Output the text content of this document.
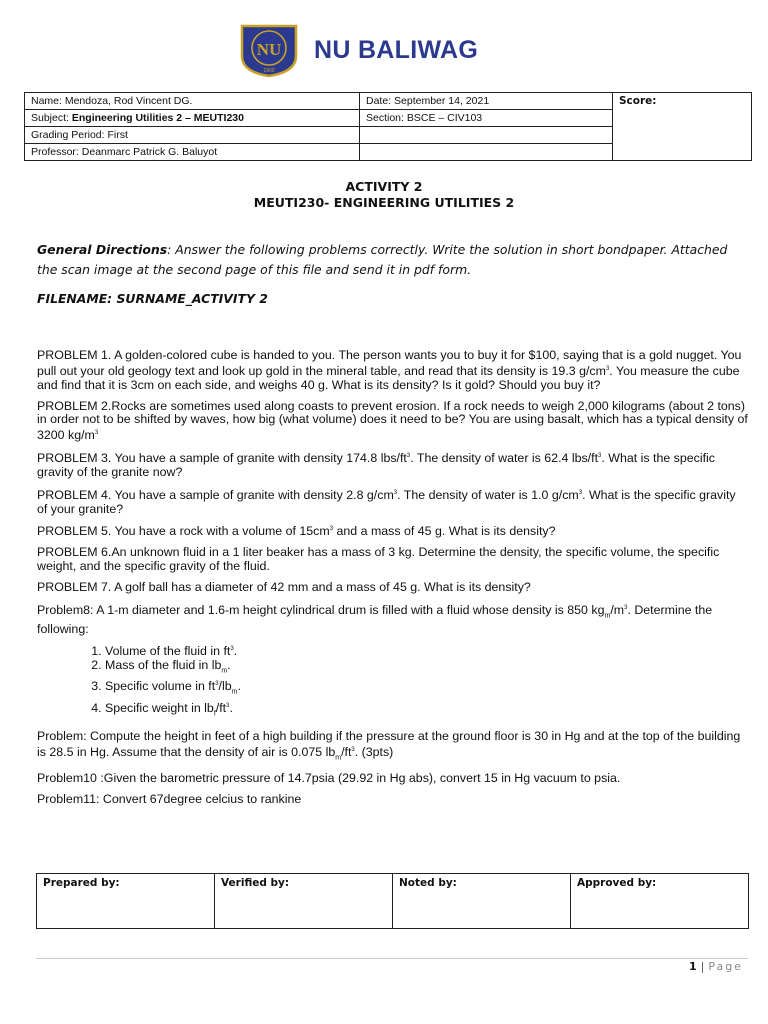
NU
1900
NU BALIWAG
Name: Mendoza, Rod Vincent DG.	Date: September 14, 2021	Score:
Subject: Engineering Utilities 2 – MEUTI230	Section: BSCE – CIV103	
Grading Period: First		
Professor: Deanmarc Patrick G. Baluyot		
ACTIVITY 2
MEUTI230- ENGINEERING UTILITIES 2
General Directions: Answer the following problems correctly. Write the solution in short bondpaper. Attached the scan image at the second page of this file and send it in pdf form.
FILENAME: SURNAME_ACTIVITY 2

PROBLEM 1. A golden-colored cube is handed to you. The person wants you to buy it for $100, saying that is a gold nugget. You pull out your old geology text and look up gold in the mineral table, and read that its density is 19.3 $g/cm^3$. You measure the cube and find that it is 3cm on each side, and weighs 40 g. What is its density? Is it gold? Should you buy it?

PROBLEM 2.Rocks are sometimes used along coasts to prevent erosion. If a rock needs to weigh 2,000 kilograms (about 2 tons) in order not to be shifted by waves, how big (what volume) does it need to be? You are using basalt, which has a typical density of 3200 $kg/m^3$

PROBLEM 3. You have a sample of granite with density 174.8 lbs/$ft^3$. The density of water is 62.4 lbs/$ft^3$. What is the specific gravity of the granite now?

PROBLEM 4. You have a sample of granite with density 2.8 $g/cm^3$. The density of water is 1.0 $g/cm^3$. What is the specific gravity of your granite?

PROBLEM 5. You have a rock with a volume of $15cm^3$ and a mass of 45 g. What is its density?

PROBLEM 6.An unknown fluid in a 1 liter beaker has a mass of 3 kg. Determine the density, the specific volume, the specific weight, and the specific gravity of the fluid.

PROBLEM 7. A golf ball has a diameter of 42 mm and a mass of 45 g. What is its density?

Problem8: A 1-m diameter and 1.6-m height cylindrical drum is filled with a fluid whose density is 850 $kg_m/m^3$. Determine the following:

1. Volume of the fluid in $ft^3$.
2. Mass of the fluid in $lb_m$.
3. Specific volume in $ft^3/lb_m$.
4. Specific weight in $lb_f/ft^3$.

Problem: Compute the height in feet of a high building if the pressure at the ground floor is 30 in Hg and at the top of the building is 28.5 in Hg. Assume that the density of air is 0.075 $lb_m/ft^3$. (3pts)

Problem10 :Given the barometric pressure of 14.7psia (29.92 in Hg abs), convert 15 in Hg vacuum to psia.

Problem11: Convert 67degree celcius to rankine

Prepared by:	Verified by:	Noted by:	Approved by:
1 | Page
